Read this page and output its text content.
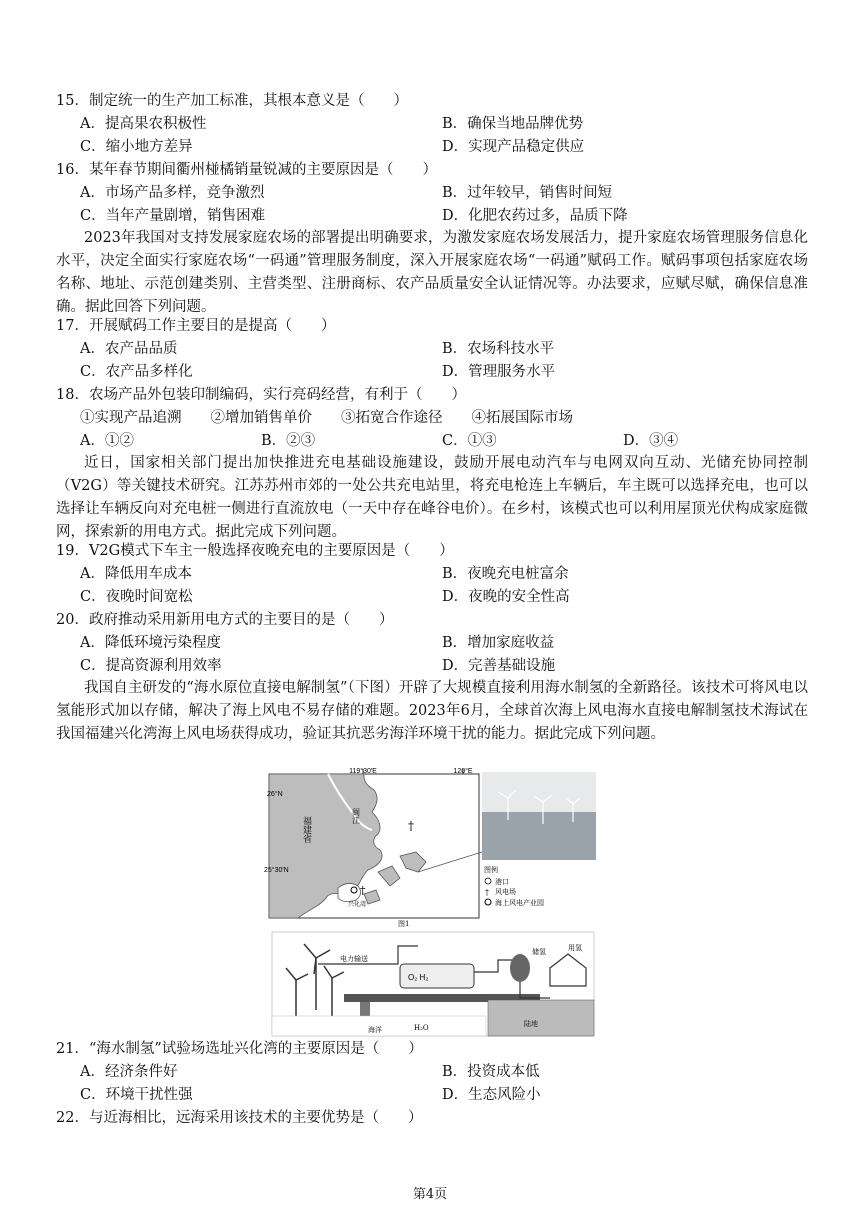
15．制定统一的生产加工标准，其根本意义是（　　）
A．提高果农积极性	B．确保当地品牌优势
C．缩小地方差异	D．实现产品稳定供应
16．某年春节期间衢州椪橘销量锐减的主要原因是（　　）
A．市场产品多样，竞争激烈	B．过年较早，销售时间短
C．当年产量剧增，销售困难	D．化肥农药过多，品质下降
2023年我国对支持发展家庭农场的部署提出明确要求，为激发家庭农场发展活力，提升家庭农场管理服务信息化水平，决定全面实行家庭农场“一码通”管理服务制度，深入开展家庭农场“一码通”赋码工作。赋码事项包括家庭农场名称、地址、示范创建类别、主营类型、注册商标、农产品质量安全认证情况等。办法要求，应赋尽赋，确保信息准确。据此回答下列问题。
17．开展赋码工作主要目的是提高（　　）
A．农产品品质	B．农场科技水平
C．农产品多样化	D．管理服务水平
18．农场产品外包装印制编码，实行亮码经营，有利于（　　）
①实现产品追溯　　②增加销售单价　　③拓宽合作途径　　④拓展国际市场
A．①②	B．②③	C．①③	D．③④
近日，国家相关部门提出加快推进充电基础设施建设，鼓励开展电动汽车与电网双向互动、光储充协同控制（V2G）等关键技术研究。江苏苏州市郊的一处公共充电站里，将充电枪连上车辆后，车主既可以选择充电，也可以选择让车辆反向对充电桩一侧进行直流放电（一天中存在峰谷电价）。在乡村，该模式也可以利用屋顶光伏构成家庭微网，探索新的用电方式。据此完成下列问题。
19．V2G模式下车主一般选择夜晚充电的主要原因是（　　）
A．降低用车成本	B．夜晚充电桩富余
C．夜晚时间宽松	D．夜晚的安全性高
20．政府推动采用新用电方式的主要目的是（　　）
A．降低环境污染程度	B．增加家庭收益
C．提高资源利用效率	D．完善基础设施
我国自主研发的“海水原位直接电解制氢”（下图）开辟了大规模直接利用海水制氢的全新路径。该技术可将风电以氢能形式加以存储，解决了海上风电不易存储的难题。2023年6月，全球首次海上风电海水直接电解制氢技术海试在我国福建兴化湾海上风电场获得成功，验证其抗恶劣海洋环境干扰的能力。据此完成下列问题。
119°30′E	120°E
26°N
25°30′N
福建省	闽江
†
†
兴化湾
图例
港口
† 风电场
海上风电产业园
图1
电力输送
O₂ H₂
海洋	H₂O
储氢	用氢
陆地
21．“海水制氢”试验场选址兴化湾的主要原因是（　　）
A．经济条件好	B．投资成本低
C．环境干扰性强	D．生态风险小
22．与近海相比，远海采用该技术的主要优势是（　　）
第4页
